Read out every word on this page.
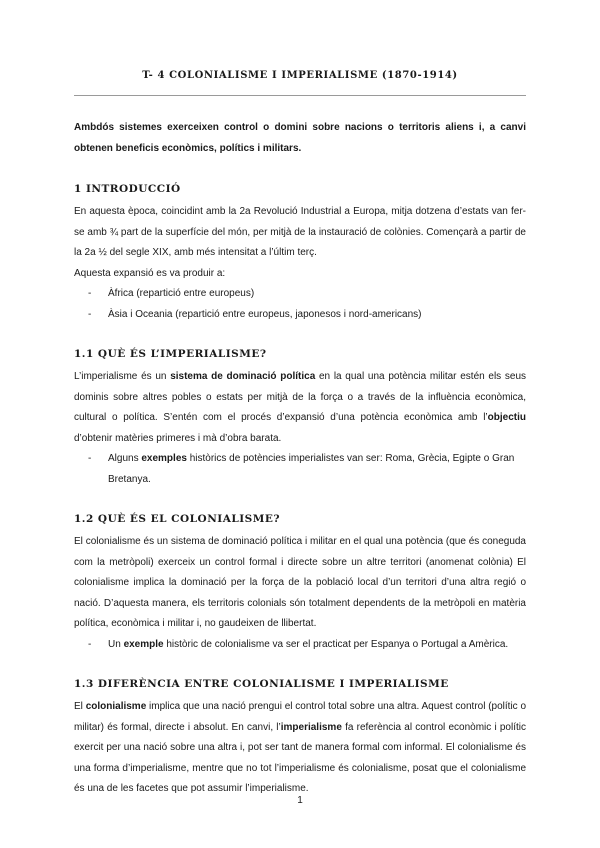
T- 4 COLONIALISME I IMPERIALISME (1870-1914)

Ambdós sistemes exerceixen control o domini sobre nacions o territoris aliens i, a canvi obtenen beneficis econòmics, polítics i militars.

1 INTRODUCCIÓ

En aquesta època, coincidint amb la 2a Revolució Industrial a Europa, mitja dotzena d’estats van fer-se amb ¾ part de la superfície del món, per mitjà de la instauració de colònies. Començarà a partir de la 2a ½ del segle XIX, amb més intensitat a l’últim terç.

Aquesta expansió es va produir a:

- Àfrica (repartició entre europeus)
- Àsia i Oceania (repartició entre europeus, japonesos i nord-americans)
1.1 QUÈ ÉS L’IMPERIALISME?

L’imperialisme és un sistema de dominació política en la qual una potència militar estén els seus dominis sobre altres pobles o estats per mitjà de la força o a través de la influència econòmica, cultural o política. S’entén com el procés d’expansió d’una potència econòmica amb l’objectiu d’obtenir matèries primeres i mà d’obra barata.

- Alguns exemples històrics de potències imperialistes van ser: Roma, Grècia, Egipte o Gran Bretanya.
1.2 QUÈ ÉS EL COLONIALISME?

El colonialisme és un sistema de dominació política i militar en el qual una potència (que és coneguda com la metròpoli) exerceix un control formal i directe sobre un altre territori (anomenat colònia) El colonialisme implica la dominació per la força de la població local d’un territori d’una altra regió o nació. D’aquesta manera, els territoris colonials són totalment dependents de la metròpoli en matèria política, econòmica i militar i, no gaudeixen de llibertat.

- Un exemple històric de colonialisme va ser el practicat per Espanya o Portugal a Amèrica.
1.3 DIFERÈNCIA ENTRE COLONIALISME I IMPERIALISME

El colonialisme implica que una nació prengui el control total sobre una altra. Aquest control (polític o militar) és formal, directe i absolut. En canvi, l’imperialisme fa referència al control econòmic i polític exercit per una nació sobre una altra i, pot ser tant de manera formal com informal. El colonialisme és una forma d’imperialisme, mentre que no tot l’imperialisme és colonialisme, posat que el colonialisme és una de les facetes que pot assumir l’imperialisme.

1
